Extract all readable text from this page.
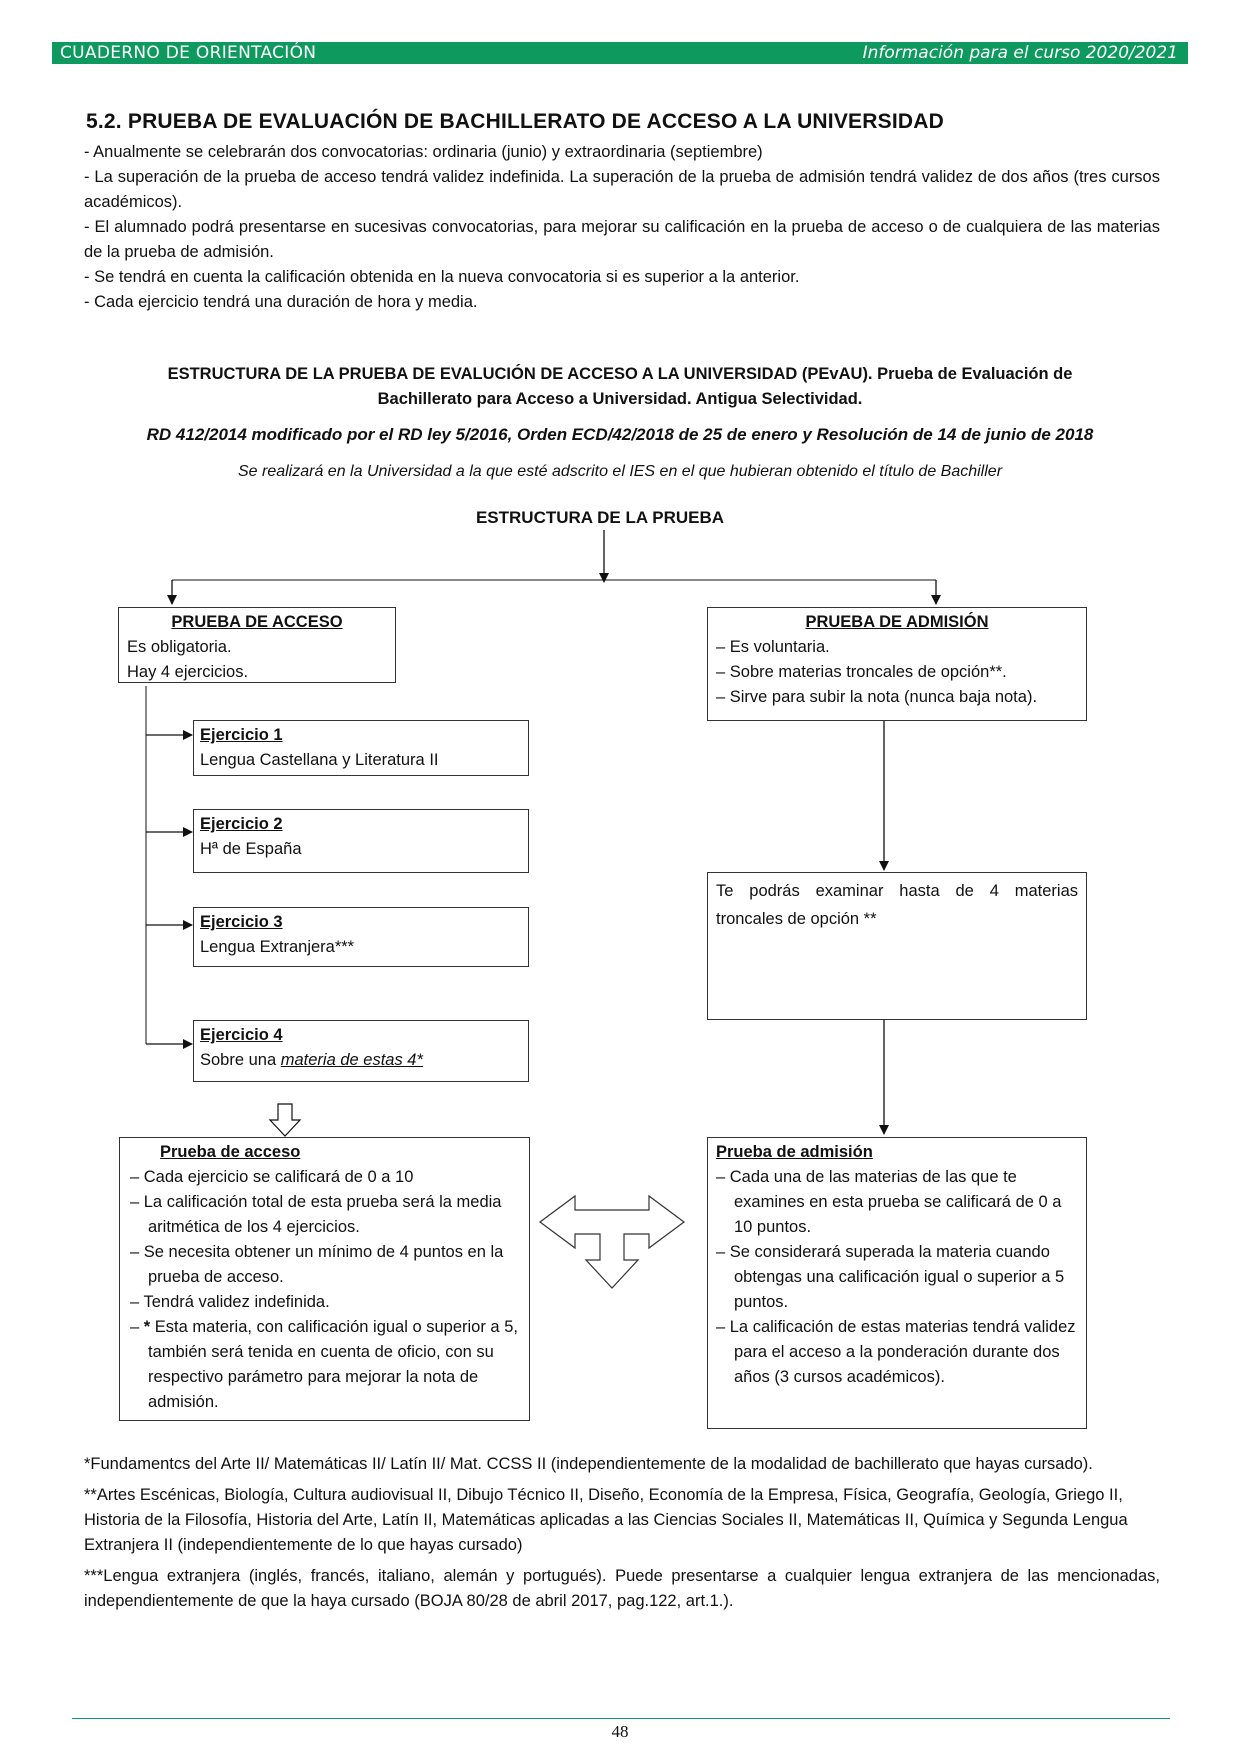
CUADERNO DE ORIENTACIÓN	Información para el curso 2020/2021
5.2. PRUEBA DE EVALUACIÓN DE BACHILLERATO DE ACCESO A LA UNIVERSIDAD

- Anualmente se celebrarán dos convocatorias: ordinaria (junio) y extraordinaria (septiembre)

- La superación de la prueba de acceso tendrá validez indefinida. La superación de la prueba de admisión tendrá validez de dos años (tres cursos académicos).

- El alumnado podrá presentarse en sucesivas convocatorias, para mejorar su calificación en la prueba de acceso o de cualquiera de las materias de la prueba de admisión.

- Se tendrá en cuenta la calificación obtenida en la nueva convocatoria si es superior a la anterior.

- Cada ejercicio tendrá una duración de hora y media.

ESTRUCTURA DE LA PRUEBA DE EVALUCIÓN DE ACCESO A LA UNIVERSIDAD (PEvAU). Prueba de Evaluación de
Bachillerato para Acceso a Universidad. Antigua Selectividad.
RD 412/2014 modificado por el RD ley 5/2016, Orden ECD/42/2018 de 25 de enero y Resolución de 14 de junio de 2018
Se realizará en la Universidad a la que esté adscrito el IES en el que hubieran obtenido el título de Bachiller
ESTRUCTURA DE LA PRUEBA
PRUEBA DE ACCESO
Es obligatoria.
Hay 4 ejercicios.
PRUEBA DE ADMISIÓN
– Es voluntaria.
– Sobre materias troncales de opción**.
– Sirve para subir la nota (nunca baja nota).
Ejercicio 1
Lengua Castellana y Literatura II
Ejercicio 2
Hª de España
Ejercicio 3
Lengua Extranjera***
Ejercicio 4
Sobre una materia de estas 4*
Te podrás examinar hasta de 4 materias troncales de opción **
Prueba de acceso
– Cada ejercicio se calificará de 0 a 10
– La calificación total de esta prueba será la media aritmética de los 4 ejercicios.
– Se necesita obtener un mínimo de 4 puntos en la prueba de acceso.
– Tendrá validez indefinida.
– * Esta materia, con calificación igual o superior a 5, también será tenida en cuenta de oficio, con su respectivo parámetro para mejorar la nota de admisión.
Prueba de admisión
– Cada una de las materias de las que te examines en esta prueba se calificará de 0 a 10 puntos.
– Se considerará superada la materia cuando obtengas una calificación igual o superior a 5 puntos.
– La calificación de estas materias tendrá validez para el acceso a la ponderación durante dos años (3 cursos académicos).

*Fundamentcs del Arte II/ Matemáticas II/ Latín II/ Mat. CCSS II (independientemente de la modalidad de bachillerato que hayas cursado).

**Artes Escénicas, Biología, Cultura audiovisual II, Dibujo Técnico II, Diseño, Economía de la Empresa, Física, Geografía, Geología, Griego II, Historia de la Filosofía, Historia del Arte, Latín II, Matemáticas aplicadas a las Ciencias Sociales II, Matemáticas II, Química y Segunda Lengua Extranjera II (independientemente de lo que hayas cursado)

***Lengua extranjera (inglés, francés, italiano, alemán y portugués). Puede presentarse a cualquier lengua extranjera de las mencionadas, independientemente de que la haya cursado (BOJA 80/28 de abril 2017, pag.122, art.1.).

48
